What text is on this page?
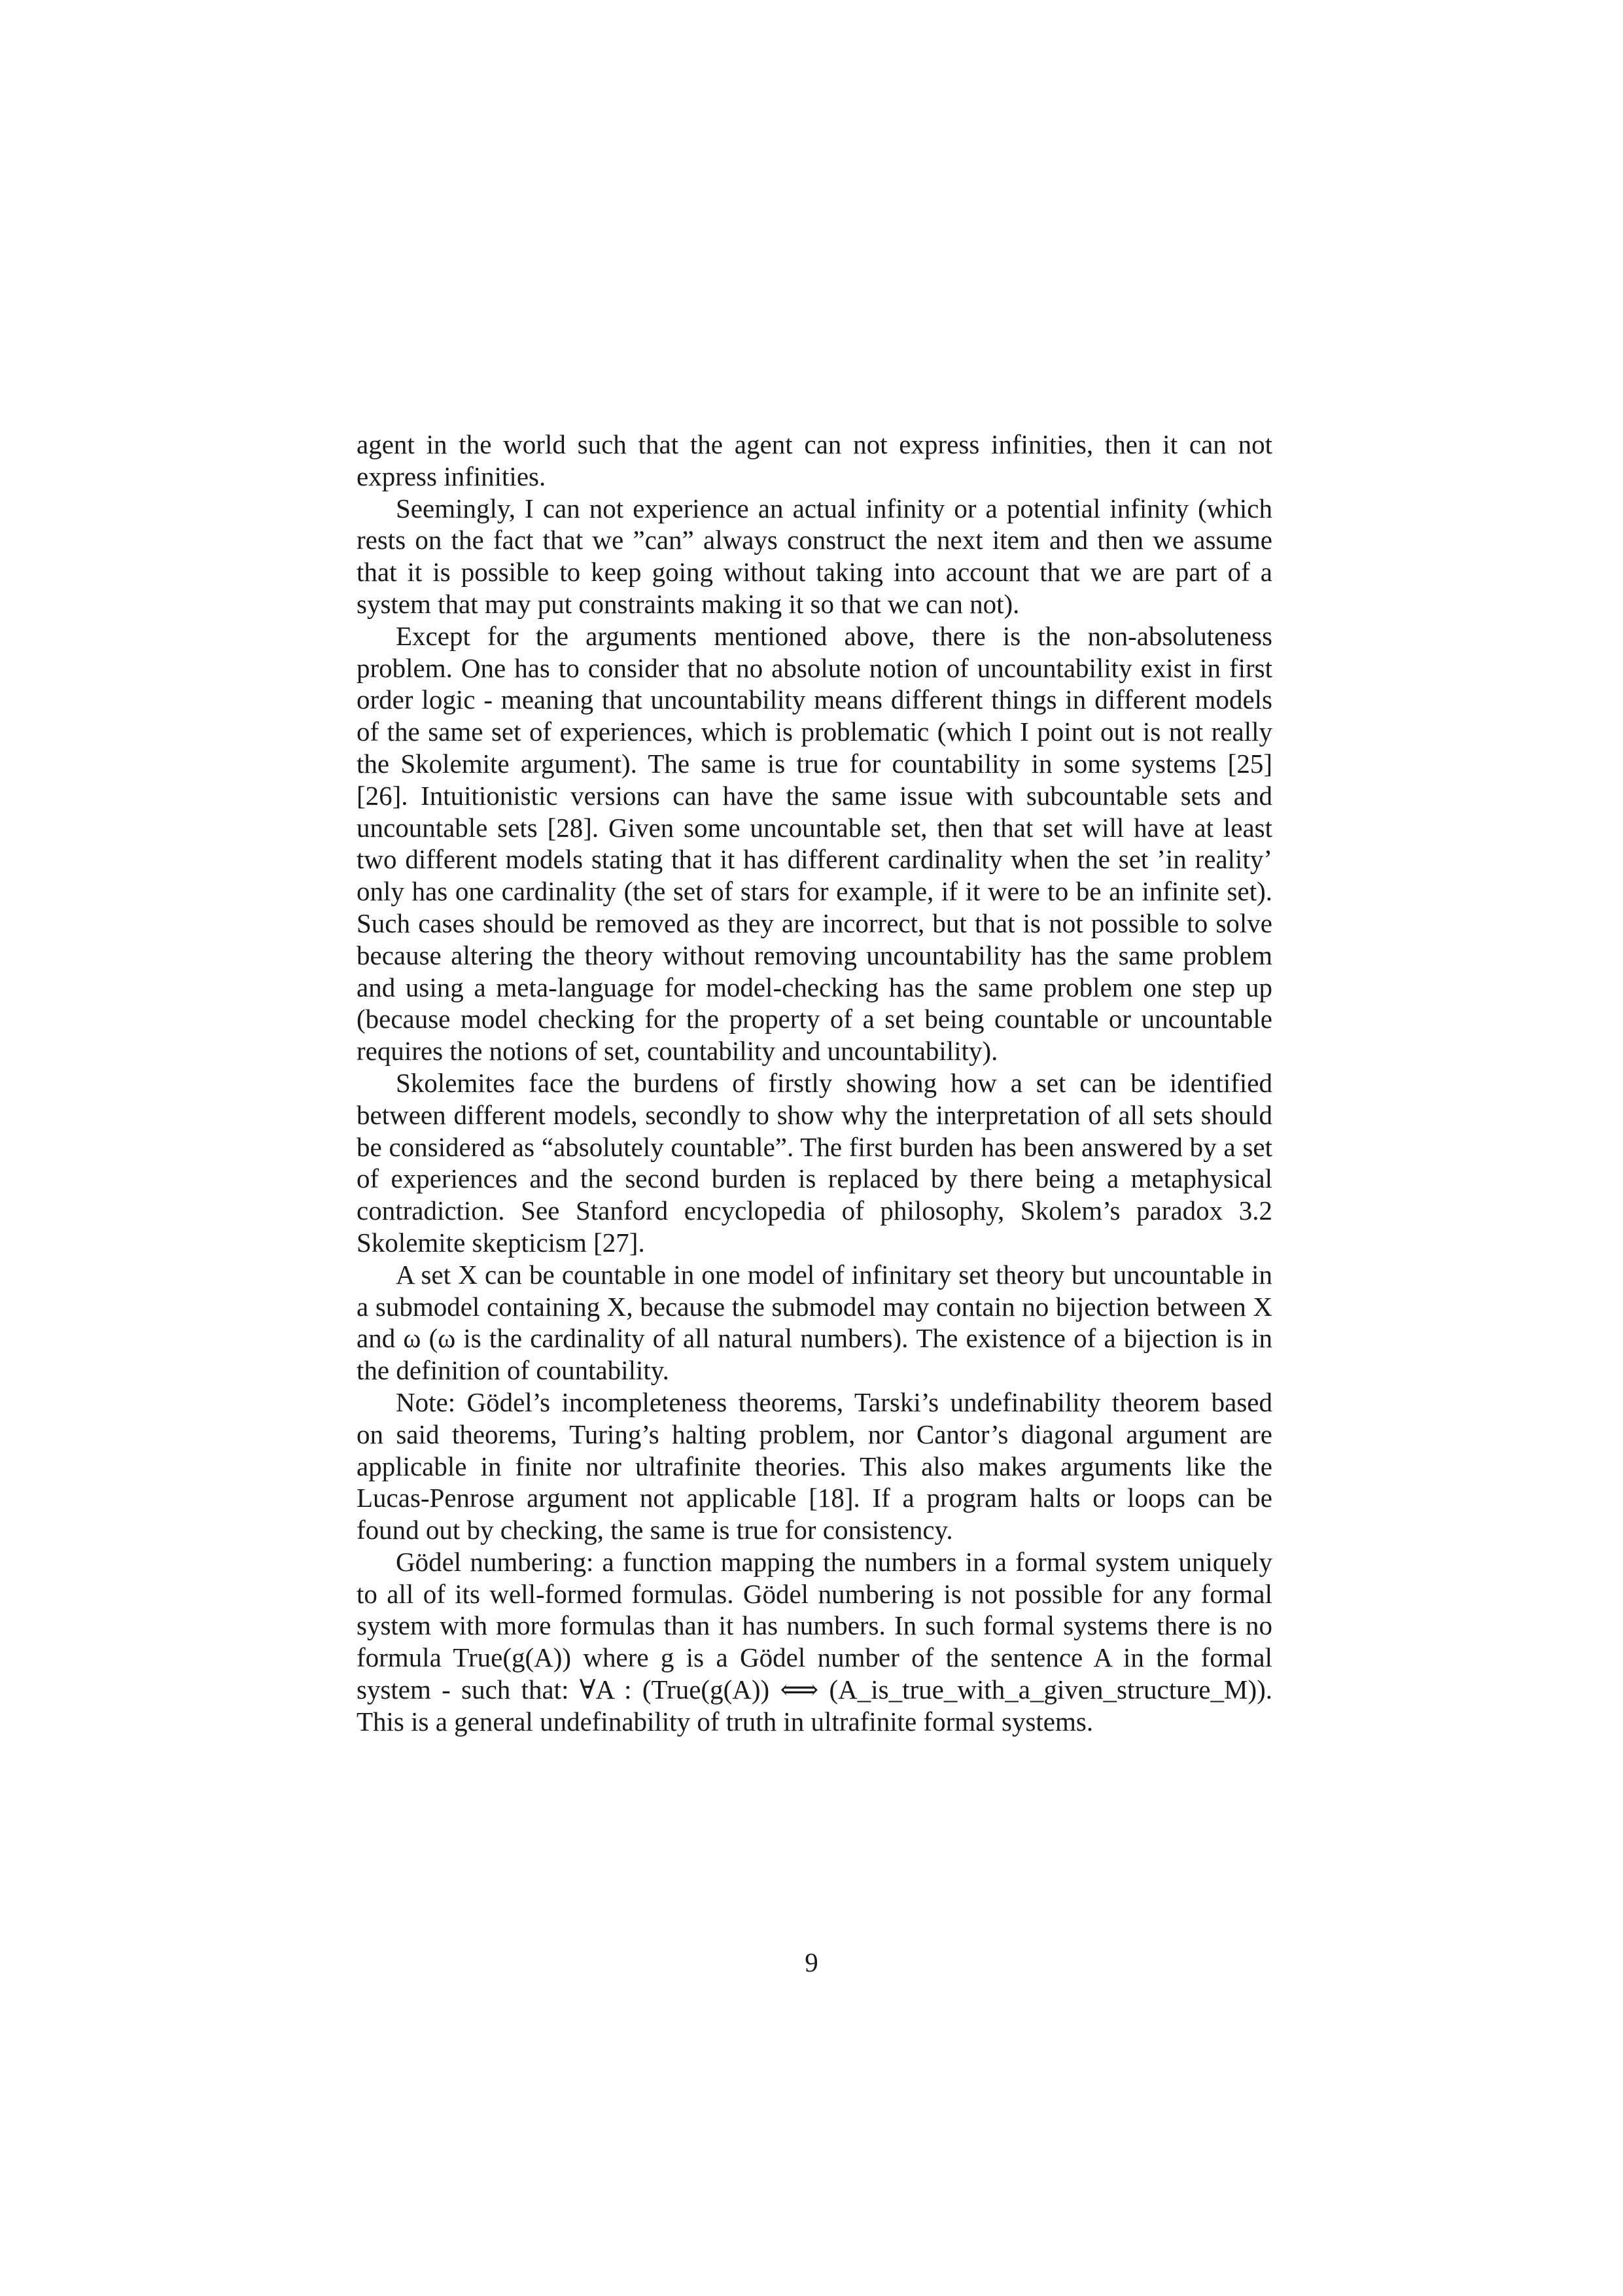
agent in the world such that the agent can not express infinities, then it can not express infinities.

Seemingly, I can not experience an actual infinity or a potential infinity (which rests on the fact that we ”can” always construct the next item and then we assume that it is possible to keep going without taking into account that we are part of a system that may put constraints making it so that we can not).

Except for the arguments mentioned above, there is the non-absoluteness problem. One has to consider that no absolute notion of uncountability exist in first order logic - meaning that uncountability means different things in different models of the same set of experiences, which is problematic (which I point out is not really the Skolemite argument). The same is true for countability in some systems [25] [26]. Intuitionistic versions can have the same issue with subcountable sets and uncountable sets [28]. Given some uncountable set, then that set will have at least two different models stating that it has different cardinality when the set ’in reality’ only has one cardinality (the set of stars for example, if it were to be an infinite set). Such cases should be removed as they are incorrect, but that is not possible to solve because altering the theory without removing uncountability has the same problem and using a meta-language for model-checking has the same problem one step up (because model checking for the property of a set being countable or uncountable requires the notions of set, countability and uncountability).

Skolemites face the burdens of firstly showing how a set can be identified between different models, secondly to show why the interpretation of all sets should be considered as “absolutely countable”. The first burden has been answered by a set of experiences and the second burden is replaced by there being a metaphysical contradiction. See Stanford encyclopedia of philosophy, Skolem’s paradox 3.2 Skolemite skepticism [27].

A set X can be countable in one model of infinitary set theory but uncountable in a submodel containing X, because the submodel may contain no bijection between X and ω (ω is the cardinality of all natural numbers). The existence of a bijection is in the definition of countability.

Note: Gödel’s incompleteness theorems, Tarski’s undefinability theorem based on said theorems, Turing’s halting problem, nor Cantor’s diagonal argument are applicable in finite nor ultrafinite theories. This also makes arguments like the Lucas-Penrose argument not applicable [18]. If a program halts or loops can be found out by checking, the same is true for consistency.

Gödel numbering: a function mapping the numbers in a formal system uniquely to all of its well-formed formulas. Gödel numbering is not possible for any formal system with more formulas than it has numbers. In such formal systems there is no formula True(g(A)) where g is a Gödel number of the sentence A in the formal system - such that: ∀A : (True(g(A)) ⟺ (A_is_true_with_a_given_structure_M)). This is a general undefinability of truth in ultrafinite formal systems.

9
